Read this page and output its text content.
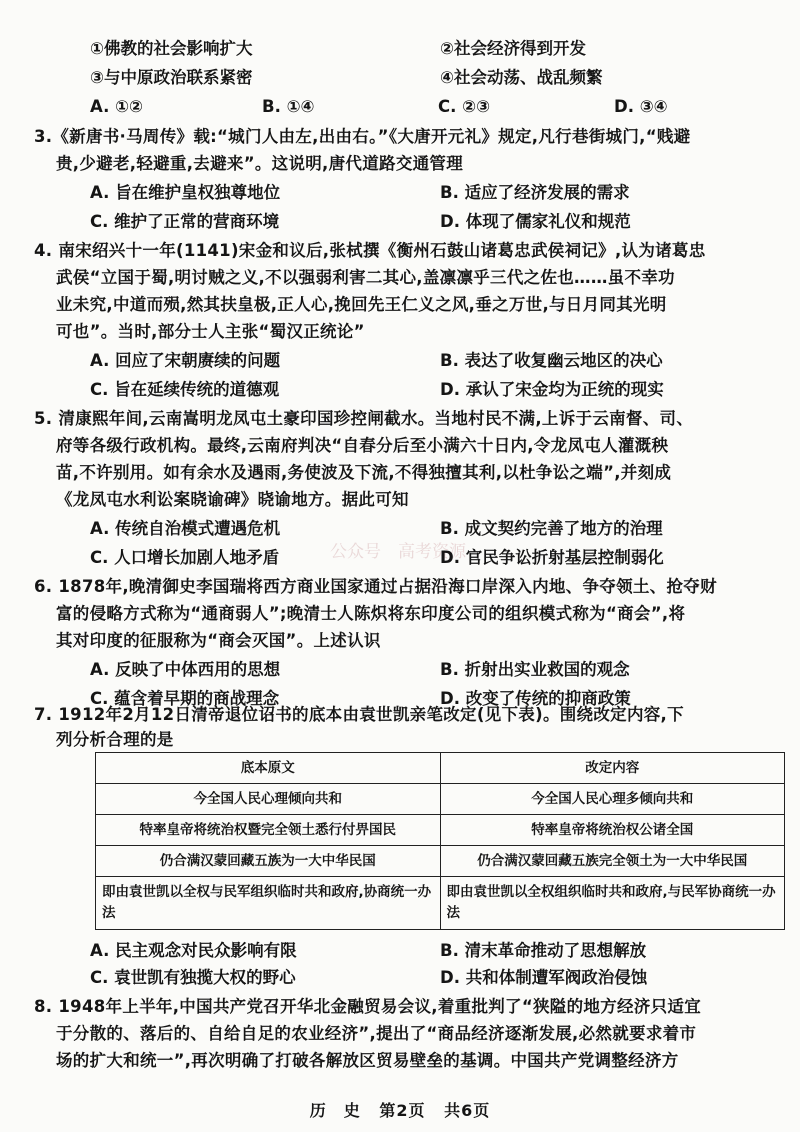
公众号　高考资源
①佛教的社会影响扩大	②社会经济得到开发
③与中原政治联系紧密	④社会动荡、战乱频繁
A. ①②	B. ①④	C. ②③	D. ③④
3.《新唐书·马周传》载:“城门人由左,出由右。”《大唐开元礼》规定,凡行巷街城门,“贱避
贵,少避老,轻避重,去避来”。这说明,唐代道路交通管理
A. 旨在维护皇权独尊地位	B. 适应了经济发展的需求
C. 维护了正常的营商环境	D. 体现了儒家礼仪和规范
4. 南宋绍兴十一年(1141)宋金和议后,张栻撰《衡州石鼓山诸葛忠武侯祠记》,认为诸葛忠
武侯“立国于蜀,明讨贼之义,不以强弱利害二其心,盖凛凛乎三代之佐也……虽不幸功
业未究,中道而殒,然其扶皇极,正人心,挽回先王仁义之风,垂之万世,与日月同其光明
可也”。当时,部分士人主张“蜀汉正统论”
A. 回应了宋朝赓续的问题	B. 表达了收复幽云地区的决心
C. 旨在延续传统的道德观	D. 承认了宋金均为正统的现实
5. 清康熙年间,云南嵩明龙凤屯土豪印国珍控闸截水。当地村民不满,上诉于云南督、司、
府等各级行政机构。最终,云南府判决“自春分后至小满六十日内,令龙凤屯人灌溉秧
苗,不许别用。如有余水及遇雨,务使波及下流,不得独擅其利,以杜争讼之端”,并刻成
《龙凤屯水利讼案晓谕碑》晓谕地方。据此可知
A. 传统自治模式遭遇危机	B. 成文契约完善了地方的治理
C. 人口增长加剧人地矛盾	D. 官民争讼折射基层控制弱化
6. 1878年,晚清御史李国瑞将西方商业国家通过占据沿海口岸深入内地、争夺领土、抢夺财
富的侵略方式称为“通商弱人”;晚清士人陈炽将东印度公司的组织模式称为“商会”,将
其对印度的征服称为“商会灭国”。上述认识
A. 反映了中体西用的思想	B. 折射出实业救国的观念
C. 蕴含着早期的商战理念	D. 改变了传统的抑商政策
7. 1912年2月12日清帝退位诏书的底本由袁世凯亲笔改定(见下表)。围绕改定内容,下
列分析合理的是
底本原文	改定内容
今全国人民心理倾向共和	今全国人民心理多倾向共和
特率皇帝将统治权暨完全领土悉行付畀国民	特率皇帝将统治权公诸全国
仍合满汉蒙回藏五族为一大中华民国	仍合满汉蒙回藏五族完全领土为一大中华民国
即由袁世凯以全权与民军组织临时共和政府,协商统一办法	即由袁世凯以全权组织临时共和政府,与民军协商统一办法
A. 民主观念对民众影响有限	B. 清末革命推动了思想解放
C. 袁世凯有独揽大权的野心	D. 共和体制遭军阀政治侵蚀
8. 1948年上半年,中国共产党召开华北金融贸易会议,着重批判了“狭隘的地方经济只适宜
于分散的、落后的、自给自足的农业经济”,提出了“商品经济逐渐发展,必然就要求着市
场的扩大和统一”,再次明确了打破各解放区贸易壁垒的基调。中国共产党调整经济方
历　史 第2页 共6页
